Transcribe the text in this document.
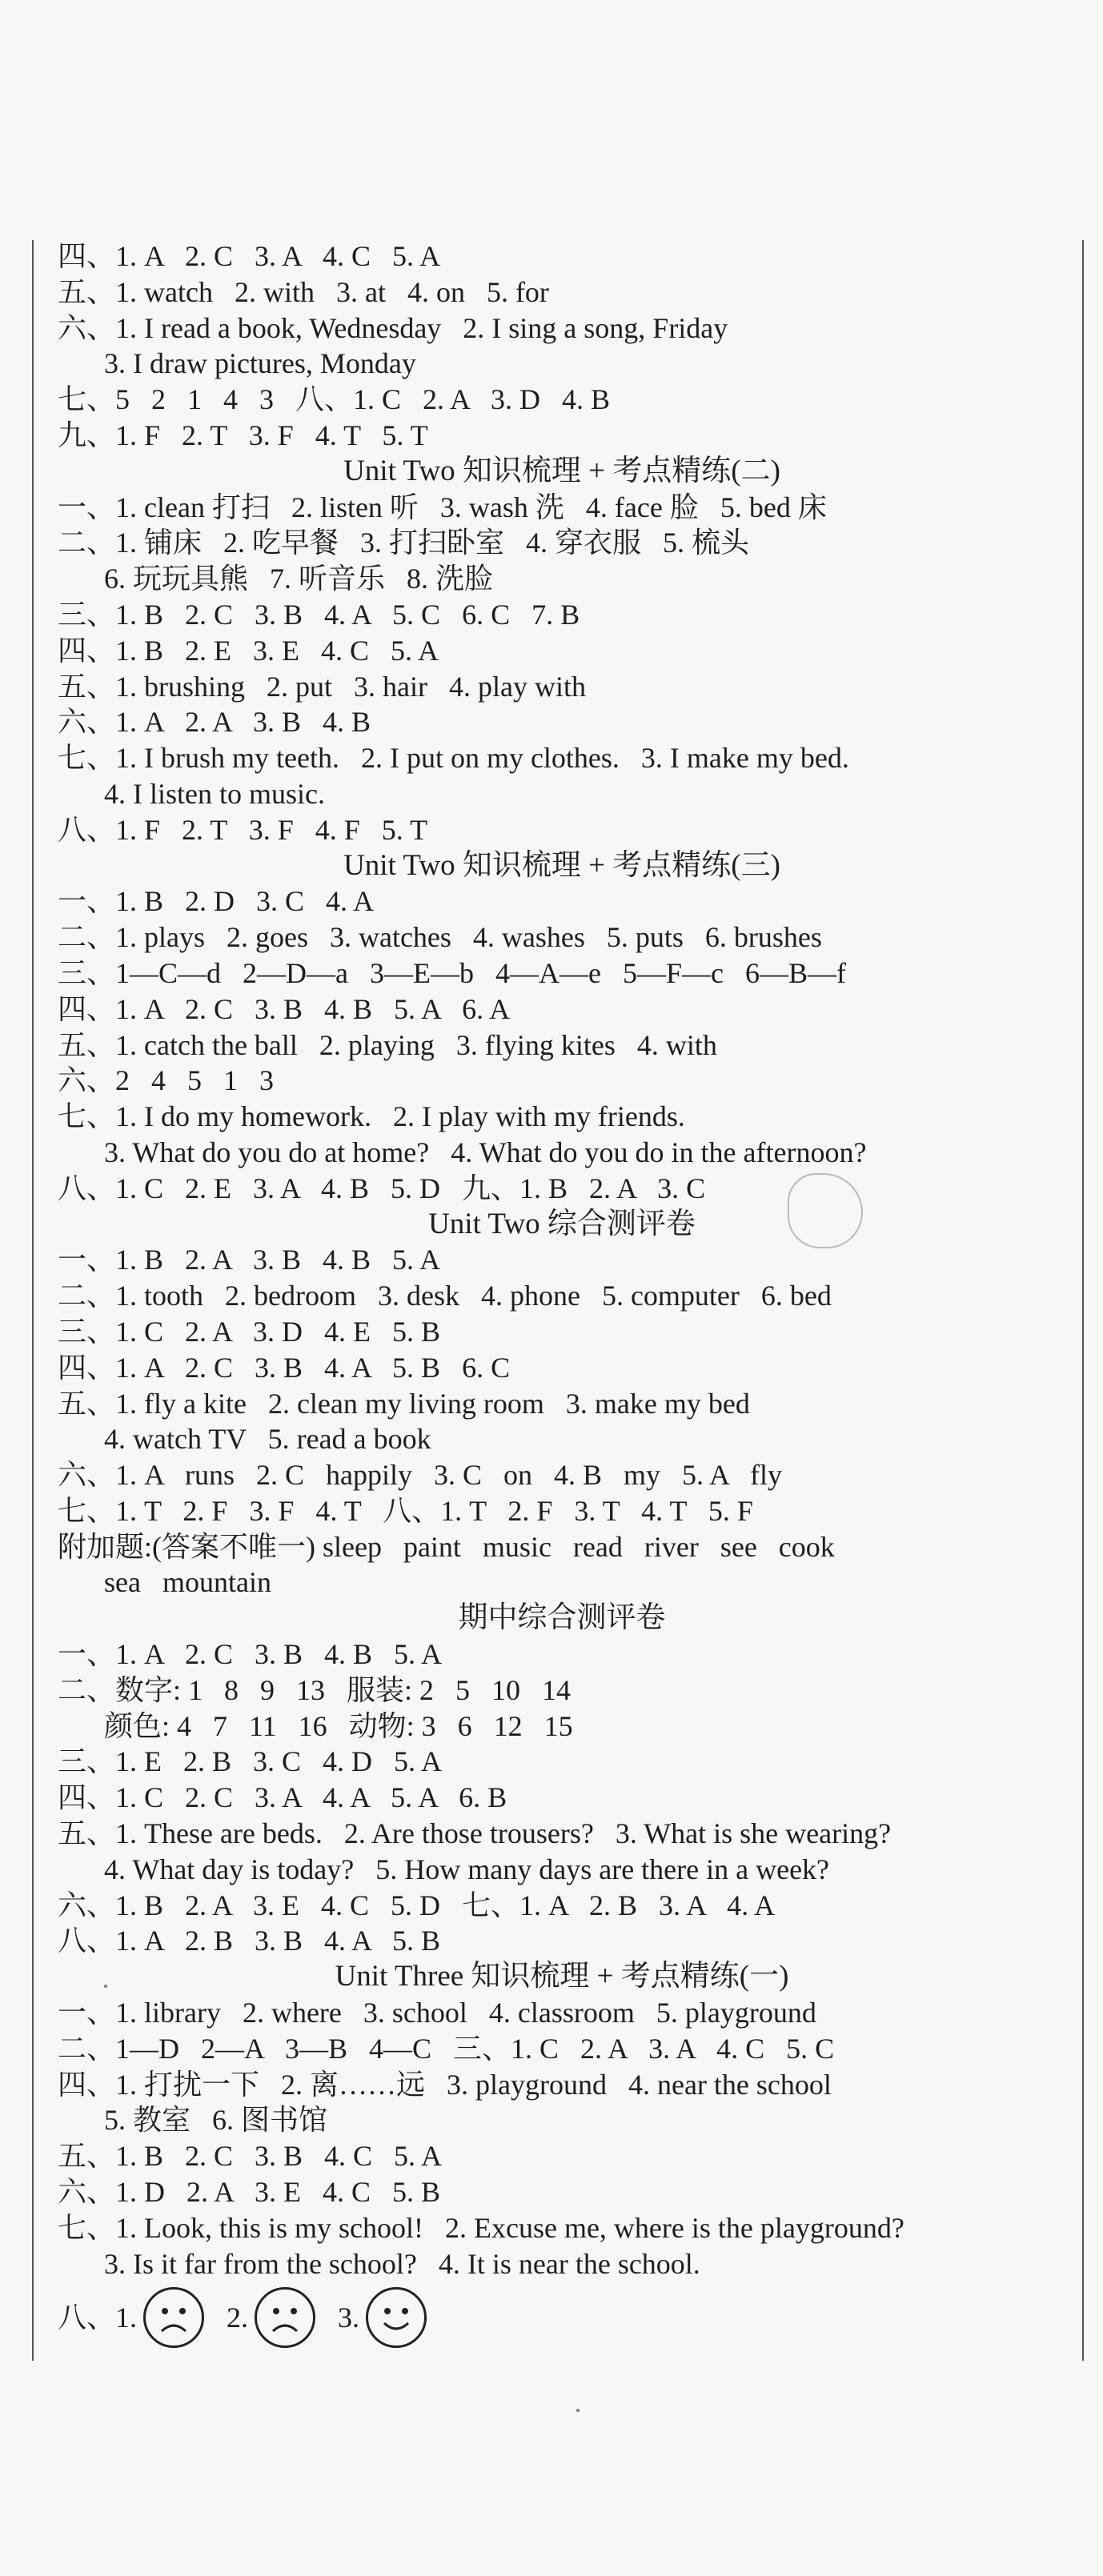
四、1. A   2. C   3. A   4. C   5. A
五、1. watch   2. with   3. at   4. on   5. for
六、1. I read a book, Wednesday   2. I sing a song, Friday
3. I draw pictures, Monday
七、5   2   1   4   3   八、1. C   2. A   3. D   4. B
九、1. F   2. T   3. F   4. T   5. T
Unit Two 知识梳理 + 考点精练(二)
一、1. clean 打扫   2. listen 听   3. wash 洗   4. face 脸   5. bed 床
二、1. 铺床   2. 吃早餐   3. 打扫卧室   4. 穿衣服   5. 梳头
6. 玩玩具熊   7. 听音乐   8. 洗脸
三、1. B   2. C   3. B   4. A   5. C   6. C   7. B
四、1. B   2. E   3. E   4. C   5. A
五、1. brushing   2. put   3. hair   4. play with
六、1. A   2. A   3. B   4. B
七、1. I brush my teeth.   2. I put on my clothes.   3. I make my bed.
4. I listen to music.
八、1. F   2. T   3. F   4. F   5. T
Unit Two 知识梳理 + 考点精练(三)
一、1. B   2. D   3. C   4. A
二、1. plays   2. goes   3. watches   4. washes   5. puts   6. brushes
三、1—C—d   2—D—a   3—E—b   4—A—e   5—F—c   6—B—f
四、1. A   2. C   3. B   4. B   5. A   6. A
五、1. catch the ball   2. playing   3. flying kites   4. with
六、2   4   5   1   3
七、1. I do my homework.   2. I play with my friends.
3. What do you do at home?   4. What do you do in the afternoon?
八、1. C   2. E   3. A   4. B   5. D   九、1. B   2. A   3. C
Unit Two 综合测评卷
一、1. B   2. A   3. B   4. B   5. A
二、1. tooth   2. bedroom   3. desk   4. phone   5. computer   6. bed
三、1. C   2. A   3. D   4. E   5. B
四、1. A   2. C   3. B   4. A   5. B   6. C
五、1. fly a kite   2. clean my living room   3. make my bed
4. watch TV   5. read a book
六、1. A   runs   2. C   happily   3. C   on   4. B   my   5. A   fly
七、1. T   2. F   3. F   4. T   八、1. T   2. F   3. T   4. T   5. F
附加题:(答案不唯一) sleep   paint   music   read   river   see   cook
sea   mountain
期中综合测评卷
一、1. A   2. C   3. B   4. B   5. A
二、数字: 1   8   9   13   服装: 2   5   10   14
颜色: 4   7   11   16   动物: 3   6   12   15
三、1. E   2. B   3. C   4. D   5. A
四、1. C   2. C   3. A   4. A   5. A   6. B
五、1. These are beds.   2. Are those trousers?   3. What is she wearing?
4. What day is today?   5. How many days are there in a week?
六、1. B   2. A   3. E   4. C   5. D   七、1. A   2. B   3. A   4. A
八、1. A   2. B   3. B   4. A   5. B
Unit Three 知识梳理 + 考点精练(一)
一、1. library   2. where   3. school   4. classroom   5. playground
二、1—D   2—A   3—B   4—C   三、1. C   2. A   3. A   4. C   5. C
四、1. 打扰一下   2. 离……远   3. playground   4. near the school
5. 教室   6. 图书馆
五、1. B   2. C   3. B   4. C   5. A
六、1. D   2. A   3. E   4. C   5. B
七、1. Look, this is my school!   2. Excuse me, where is the playground?
3. Is it far from the school?   4. It is near the school.
八、1.	2.	3.
